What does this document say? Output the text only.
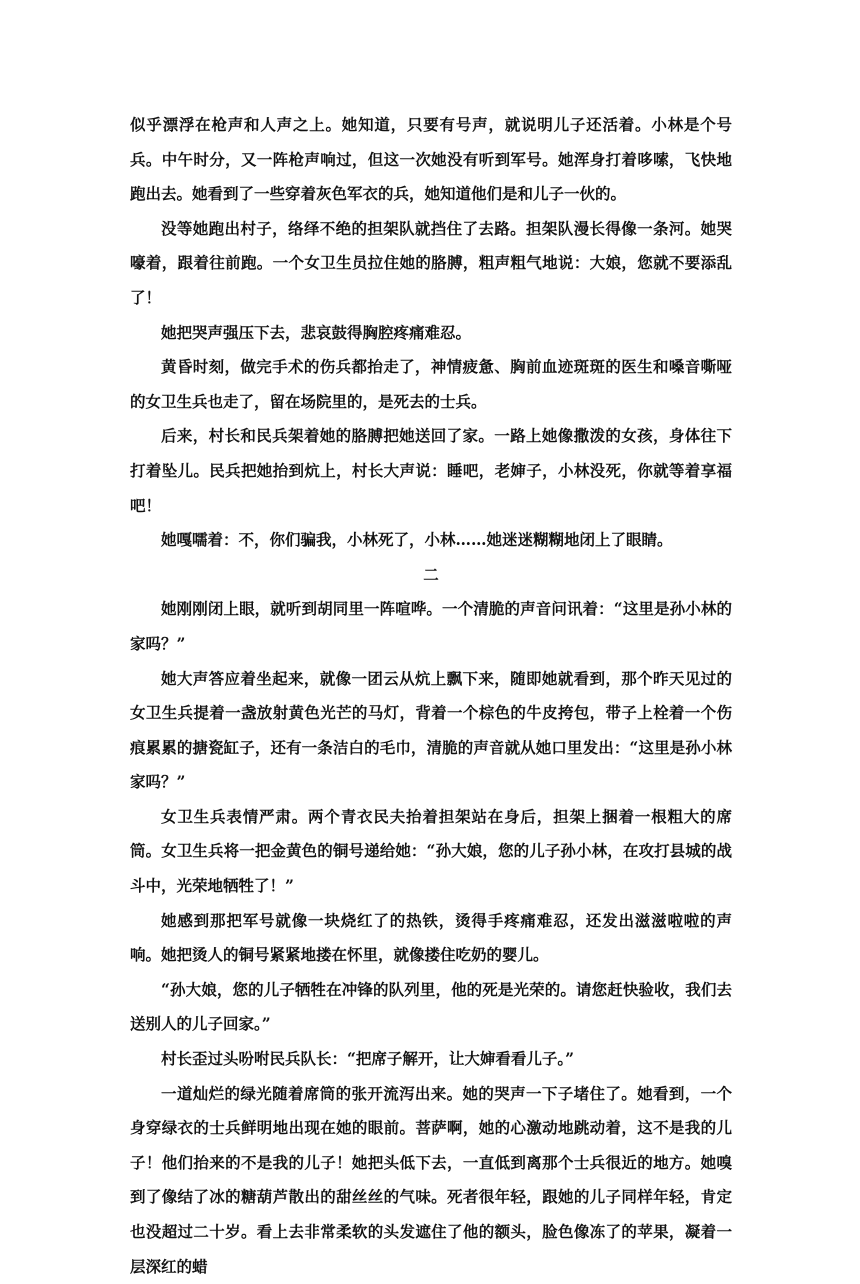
似乎漂浮在枪声和人声之上。她知道，只要有号声，就说明儿子还活着。小林是个号兵。中午时分，又一阵枪声响过，但这一次她没有听到军号。她浑身打着哆嗦，飞快地跑出去。她看到了一些穿着灰色军衣的兵，她知道他们是和儿子一伙的。

没等她跑出村子，络绎不绝的担架队就挡住了去路。担架队漫长得像一条河。她哭嚎着，跟着往前跑。一个女卫生员拉住她的胳膊，粗声粗气地说：大娘，您就不要添乱了！

她把哭声强压下去，悲哀鼓得胸腔疼痛难忍。

黄昏时刻，做完手术的伤兵都抬走了，神情疲惫、胸前血迹斑斑的医生和嗓音嘶哑的女卫生兵也走了，留在场院里的，是死去的士兵。

后来，村长和民兵架着她的胳膊把她送回了家。一路上她像撒泼的女孩，身体往下打着坠儿。民兵把她抬到炕上，村长大声说：睡吧，老婶子，小林没死，你就等着享福吧！

她嘎嚅着：不，你们骗我，小林死了，小林……她迷迷糊糊地闭上了眼睛。

二

她刚刚闭上眼，就听到胡同里一阵喧哗。一个清脆的声音问讯着：“这里是孙小林的家吗？”

她大声答应着坐起来，就像一团云从炕上飘下来，随即她就看到，那个昨天见过的女卫生兵提着一盏放射黄色光芒的马灯，背着一个棕色的牛皮挎包，带子上栓着一个伤痕累累的搪瓷缸子，还有一条洁白的毛巾，清脆的声音就从她口里发出：“这里是孙小林家吗？”

女卫生兵表情严肃。两个青衣民夫抬着担架站在身后，担架上捆着一根粗大的席筒。女卫生兵将一把金黄色的铜号递给她：“孙大娘，您的儿子孙小林，在攻打县城的战斗中，光荣地牺牲了！”

她感到那把军号就像一块烧红了的热铁，烫得手疼痛难忍，还发出滋滋啦啦的声响。她把烫人的铜号紧紧地搂在怀里，就像搂住吃奶的婴儿。

“孙大娘，您的儿子牺牲在冲锋的队列里，他的死是光荣的。请您赶快验收，我们去送别人的儿子回家。”

村长歪过头吩咐民兵队长：“把席子解开，让大婶看看儿子。”

一道灿烂的绿光随着席筒的张开流泻出来。她的哭声一下子堵住了。她看到，一个身穿绿衣的士兵鲜明地出现在她的眼前。菩萨啊，她的心激动地跳动着，这不是我的儿子！他们抬来的不是我的儿子！她把头低下去，一直低到离那个士兵很近的地方。她嗅到了像结了冰的糖葫芦散出的甜丝丝的气味。死者很年轻，跟她的儿子同样年轻，肯定也没超过二十岁。看上去非常柔软的头发遮住了他的额头，脸色像冻了的苹果，凝着一层深红的蜡
